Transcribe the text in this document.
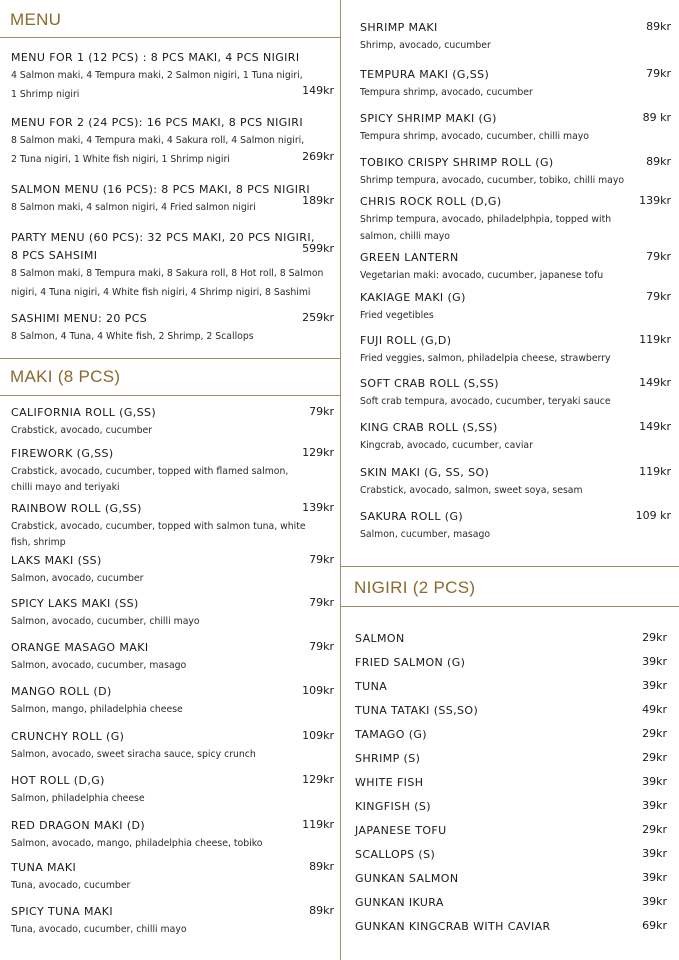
MENU
MAKI (8 PCS)
MENU FOR 1 (12 PCS) : 8 PCS MAKI, 4 PCS NIGIRI
4 Salmon maki, 4 Tempura maki, 2 Salmon nigiri, 1 Tuna nigiri,
1 Shrimp nigiri	149kr
MENU FOR 2 (24 PCS): 16 PCS MAKI, 8 PCS NIGIRI
8 Salmon maki, 4 Tempura maki, 4 Sakura roll, 4 Salmon nigiri,
2 Tuna nigiri, 1 White fish nigiri, 1 Shrimp nigiri	269kr
SALMON MENU (16 PCS): 8 PCS MAKI, 8 PCS NIGIRI
8 Salmon maki, 4 salmon nigiri, 4 Fried salmon nigiri
189kr
PARTY MENU (60 PCS): 32 PCS MAKI, 20 PCS NIGIRI,
8 PCS SAHSIMI
8 Salmon maki, 8 Tempura maki, 8 Sakura roll, 8 Hot roll, 8 Salmon
nigiri, 4 Tuna nigiri, 4 White fish nigiri, 4 Shrimp nigiri, 8 Sashimi
599kr
SASHIMI MENU: 20 PCS
8 Salmon, 4 Tuna, 4 White fish, 2 Shrimp, 2 Scallops
259kr
CALIFORNIA ROLL (G,SS)
Crabstick, avocado, cucumber
79kr
FIREWORK (G,SS)
Crabstick, avocado, cucumber, topped with flamed salmon,
chilli mayo and teriyaki
129kr
RAINBOW ROLL (G,SS)
Crabstick, avocado, cucumber, topped with salmon tuna, white
fish, shrimp
139kr
LAKS MAKI (SS)
Salmon, avocado, cucumber
79kr
SPICY LAKS MAKI (SS)
Salmon, avocado, cucumber, chilli mayo
79kr
ORANGE MASAGO MAKI
Salmon, avocado, cucumber, masago
79kr
MANGO ROLL (D)
Salmon, mango, philadelphia cheese
109kr
CRUNCHY ROLL (G)
Salmon, avocado, sweet siracha sauce, spicy crunch
109kr
HOT ROLL (D,G)
Salmon, philadelphia cheese
129kr
RED DRAGON MAKI (D)
Salmon, avocado, mango, philadelphia cheese, tobiko
119kr
TUNA MAKI
Tuna, avocado, cucumber
89kr
SPICY TUNA MAKI
Tuna, avocado, cucumber, chilli mayo
89kr
NIGIRI (2 PCS)
SHRIMP MAKI
Shrimp, avocado, cucumber
89kr
TEMPURA MAKI (G,SS)
Tempura shrimp, avocado, cucumber
79kr
SPICY SHRIMP MAKI (G)
Tempura shrimp, avocado, cucumber, chilli mayo
89 kr
TOBIKO CRISPY SHRIMP ROLL (G)
Shrimp tempura, avocado, cucumber, tobiko, chilli mayo
89kr
CHRIS ROCK ROLL (D,G)
Shrimp tempura, avocado, philadelphpia, topped with
salmon, chilli mayo
139kr
GREEN LANTERN
Vegetarian maki: avocado, cucumber, japanese tofu
79kr
KAKIAGE MAKI (G)
Fried vegetibles
79kr
FUJI ROLL (G,D)
Fried veggies, salmon, philadelpia cheese, strawberry
119kr
SOFT CRAB ROLL (S,SS)
Soft crab tempura, avocado, cucumber, teryaki sauce
149kr
KING CRAB ROLL (S,SS)
Kingcrab, avocado, cucumber, caviar
149kr
SKIN MAKI (G, SS, SO)
Crabstick, avocado, salmon, sweet soya, sesam
119kr
SAKURA ROLL (G)
Salmon, cucumber, masago
109 kr
SALMON	29kr
FRIED SALMON (G)	39kr
TUNA	39kr
TUNA TATAKI (SS,SO)	49kr
TAMAGO (G)	29kr
SHRIMP (S)	29kr
WHITE FISH	39kr
KINGFISH (S)	39kr
JAPANESE TOFU	29kr
SCALLOPS (S)	39kr
GUNKAN SALMON	39kr
GUNKAN IKURA	39kr
GUNKAN KINGCRAB WITH CAVIAR	69kr
